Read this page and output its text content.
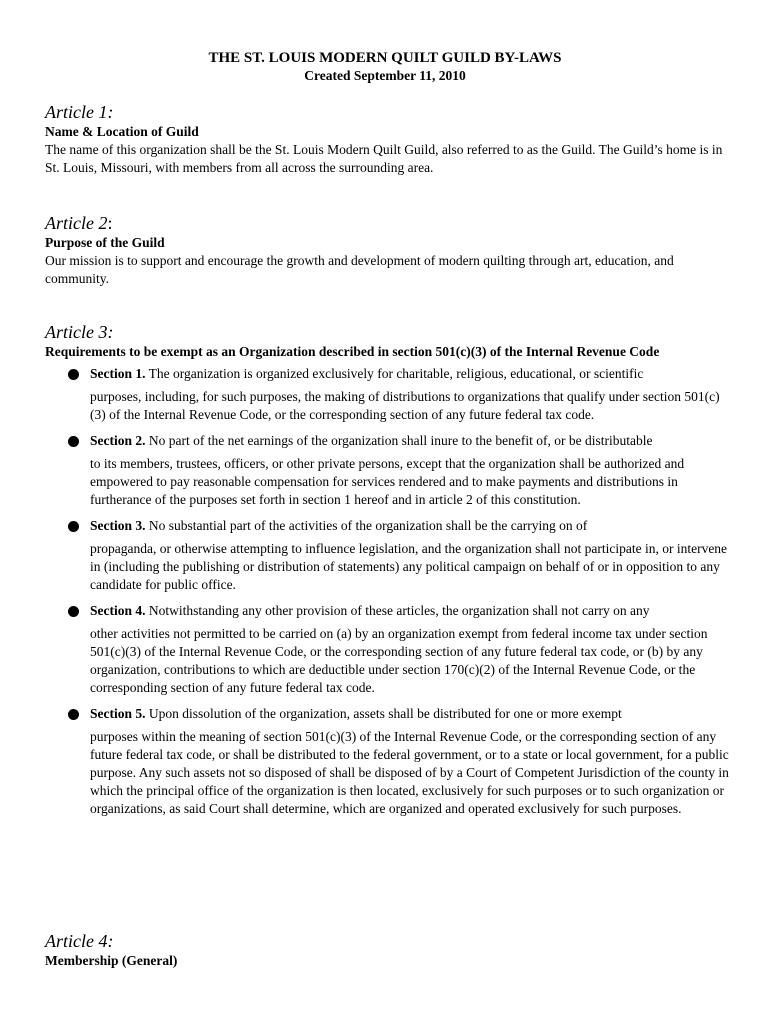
THE ST. LOUIS MODERN QUILT GUILD BY-LAWS
Created September 11, 2010
Article 1:

Name & Location of Guild

The name of this organization shall be the St. Louis Modern Quilt Guild, also referred to as the Guild. The Guild’s home is in St. Louis, Missouri, with members from all across the surrounding area.

Article 2:

Purpose of the Guild

Our mission is to support and encourage the growth and development of modern quilting through art, education, and community.

Article 3:

Requirements to be exempt as an Organization described in section 501(c)(3) of the Internal Revenue Code

Section 1. The organization is organized exclusively for charitable, religious, educational, or scientific
purposes, including, for such purposes, the making of distributions to organizations that qualify under section 501(c)(3) of the Internal Revenue Code, or the corresponding section of any future federal tax code.
Section 2. No part of the net earnings of the organization shall inure to the benefit of, or be distributable
to its members, trustees, officers, or other private persons, except that the organization shall be authorized and empowered to pay reasonable compensation for services rendered and to make payments and distributions in furtherance of the purposes set forth in section 1 hereof and in article 2 of this constitution.
Section 3. No substantial part of the activities of the organization shall be the carrying on of
propaganda, or otherwise attempting to influence legislation, and the organization shall not participate in, or intervene in (including the publishing or distribution of statements) any political campaign on behalf of or in opposition to any candidate for public office.
Section 4. Notwithstanding any other provision of these articles, the organization shall not carry on any
other activities not permitted to be carried on (a) by an organization exempt from federal income tax under section 501(c)(3) of the Internal Revenue Code, or the corresponding section of any future federal tax code, or (b) by any organization, contributions to which are deductible under section 170(c)(2) of the Internal Revenue Code, or the corresponding section of any future federal tax code.
Section 5. Upon dissolution of the organization, assets shall be distributed for one or more exempt
purposes within the meaning of section 501(c)(3) of the Internal Revenue Code, or the corresponding section of any future federal tax code, or shall be distributed to the federal government, or to a state or local government, for a public purpose. Any such assets not so disposed of shall be disposed of by a Court of Competent Jurisdiction of the county in which the principal office of the organization is then located, exclusively for such purposes or to such organization or organizations, as said Court shall determine, which are organized and operated exclusively for such purposes.
Article 4:

Membership (General)
